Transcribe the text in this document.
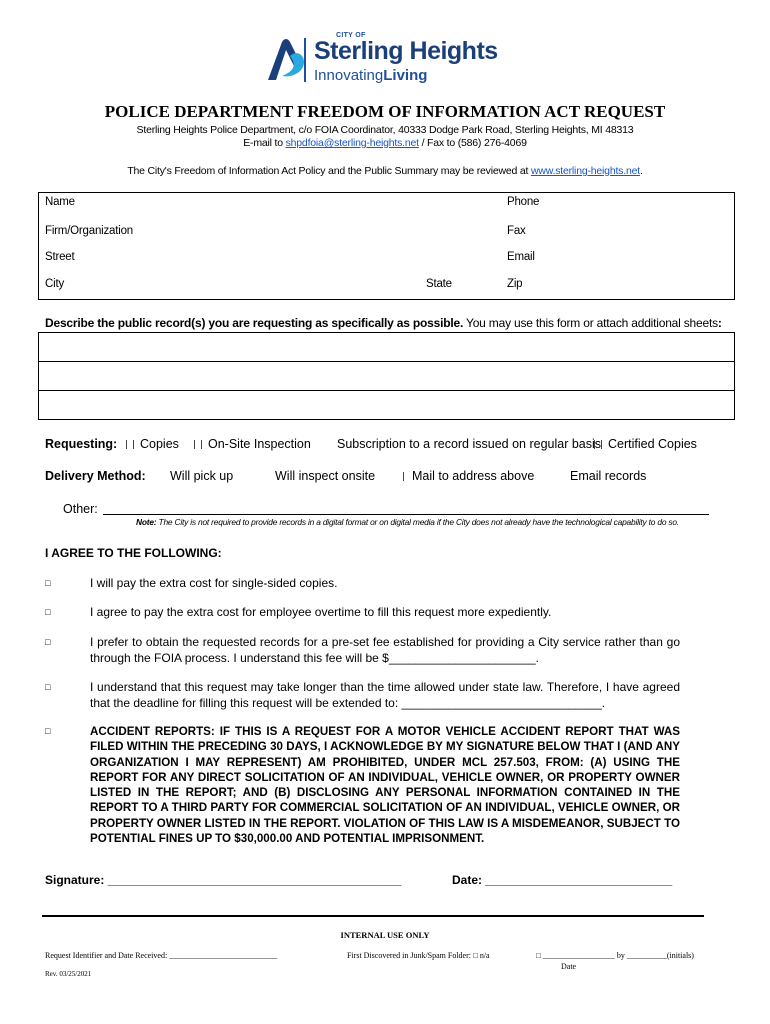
CITY OF
Sterling Heights
InnovatingLiving
POLICE DEPARTMENT FREEDOM OF INFORMATION ACT REQUEST
Sterling Heights Police Department, c/o FOIA Coordinator, 40333 Dodge Park Road, Sterling Heights, MI 48313
E-mail to shpdfoia@sterling-heights.net / Fax to (586) 276-4069
The City's Freedom of Information Act Policy and the Public Summary may be reviewed at www.sterling-heights.net.
Name	Phone
Firm/Organization	Fax
Street	Email
City	State	Zip
Describe the public record(s) you are requesting as specifically as possible. You may use this form or attach additional sheets:
Requesting:	Copies	On-Site Inspection Subscription to a record issued on regular basis Certified Copies
Delivery Method: Will pick up	Will inspect onsite	Mail to address above	Email records
Other:
Note: The City is not required to provide records in a digital format or on digital media if the City does not already have the technological capability to do so.
I AGREE TO THE FOLLOWING:
□	I will pay the extra cost for single-sided copies.
□	I agree to pay the extra cost for employee overtime to fill this request more expediently.
□	I prefer to obtain the requested records for a pre-set fee established for providing a City service rather than go through the FOIA process. I understand this fee will be $______________________.
□	I understand that this request may take longer than the time allowed under state law. Therefore, I have agreed that the deadline for filling this request will be extended to: ______________________________.
□	ACCIDENT REPORTS: IF THIS IS A REQUEST FOR A MOTOR VEHICLE ACCIDENT REPORT THAT WAS FILED WITHIN THE PRECEDING 30 DAYS, I ACKNOWLEDGE BY MY SIGNATURE BELOW THAT I (AND ANY ORGANIZATION I MAY REPRESENT) AM PROHIBITED, UNDER MCL 257.503, FROM: (A) USING THE REPORT FOR ANY DIRECT SOLICITATION OF AN INDIVIDUAL, VEHICLE OWNER, OR PROPERTY OWNER LISTED IN THE REPORT; AND (B) DISCLOSING ANY PERSONAL INFORMATION CONTAINED IN THE REPORT TO A THIRD PARTY FOR COMMERCIAL SOLICITATION OF AN INDIVIDUAL, VEHICLE OWNER, OR PROPERTY OWNER LISTED IN THE REPORT. VIOLATION OF THIS LAW IS A MISDEMEANOR, SUBJECT TO POTENTIAL FINES UP TO $30,000.00 AND POTENTIAL IMPRISONMENT.
Signature: ____________________________________________	Date: ____________________________
INTERNAL USE ONLY
Request Identifier and Date Received: ___________________________	First Discovered in Junk/Spam Folder: □ n/a	□ __________________ by __________(initials)
Date
Rev. 03/25/2021
